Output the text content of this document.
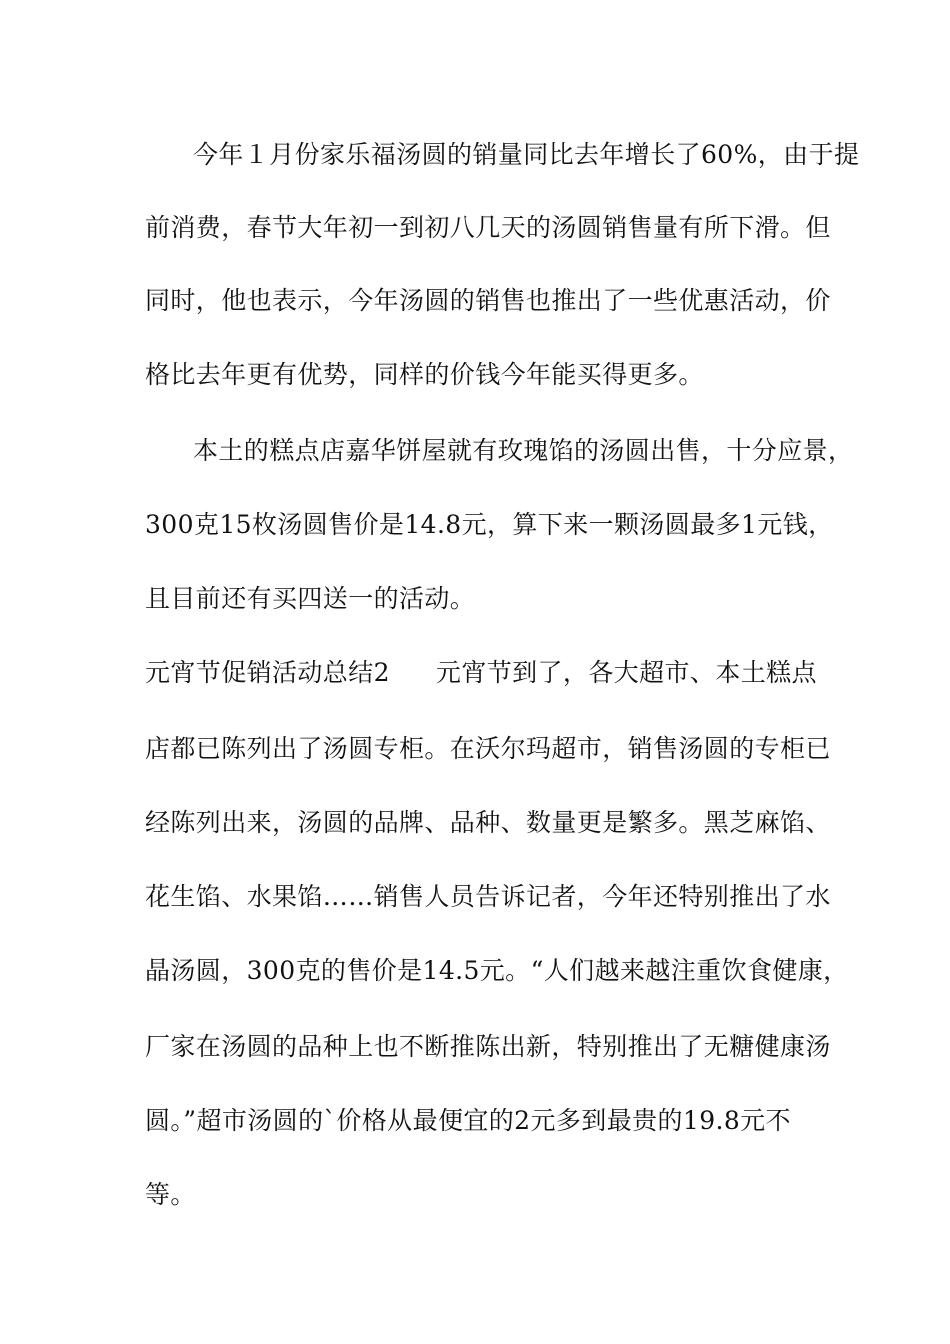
今年１月份家乐福汤圆的销量同比去年增长了60%，由于提
前消费，春节大年初一到初八几天的汤圆销售量有所下滑。但
同时，他也表示，今年汤圆的销售也推出了一些优惠活动，价
格比去年更有优势，同样的价钱今年能买得更多。
本土的糕点店嘉华饼屋就有玫瑰馅的汤圆出售，十分应景，
300克15枚汤圆售价是14.8元，算下来一颗汤圆最多1元钱，
且目前还有买四送一的活动。
元宵节促销活动总结2 元宵节到了，各大超市、本土糕点
店都已陈列出了汤圆专柜。在沃尔玛超市，销售汤圆的专柜已
经陈列出来，汤圆的品牌、品种、数量更是繁多。黑芝麻馅、
花生馅、水果馅……销售人员告诉记者，今年还特别推出了水
晶汤圆，300克的售价是14.5元。“人们越来越注重饮食健康，
厂家在汤圆的品种上也不断推陈出新，特别推出了无糖健康汤
圆。”超市汤圆的`价格从最便宜的2元多到最贵的19.8元不
等。
